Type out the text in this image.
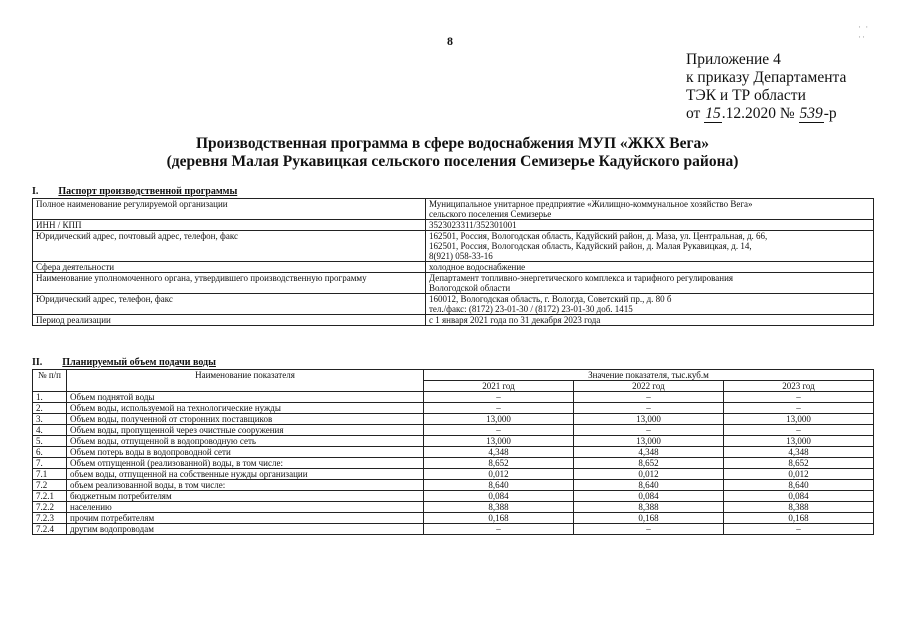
· ·
··
8
Приложение 4
к приказу Департамента
ТЭК и ТР области
от 15.12.2020 № 539-р
Производственная программа в сфере водоснабжения МУП «ЖКХ Вега»
(деревня Малая Рукавицкая сельского поселения Семизерье Кадуйского района)
I. Паспорт производственной программы
Полное наименование регулируемой организации	Муниципальное унитарное предприятие «Жилищно-коммунальное хозяйство Вега»
сельского поселения Семизерье

ИНН / КПП	3523023311/352301001

Юридический адрес, почтовый адрес, телефон, факс	162501, Россия, Вологодская область, Кадуйский район, д. Маза, ул. Центральная, д. 66,
162501, Россия, Вологодская область, Кадуйский район, д. Малая Рукавицкая, д. 14,
8(921) 058-33-16

Сфера деятельности	холодное водоснабжение

Наименование уполномоченного органа, утвердившего производственную программу	Департамент топливно-энергетического комплекса и тарифного регулирования
Вологодской области

Юридический адрес, телефон, факс	160012, Вологодская область, г. Вологда, Советский пр., д. 80 б
тел./факс: (8172) 23-01-30 / (8172) 23-01-30 доб. 1415

Период реализации	с 1 января 2021 года по 31 декабря 2023 года
II. Планируемый объем подачи воды
№ п/п	Наименование показателя	Значение показателя, тыс.куб.м		
		2021 год	2022 год	2023 год
1.	Объем поднятой воды	–	–	–
2.	Объем воды, используемой на технологические нужды	–	–	–
3.	Объем воды, полученной от сторонних поставщиков	13,000	13,000	13,000
4.	Объем воды, пропущенной через очистные сооружения	–	–	–
5.	Объем воды, отпущенной в водопроводную сеть	13,000	13,000	13,000
6.	Объем потерь воды в водопроводной сети	4,348	4,348	4,348
7.	Объем отпущенной (реализованной) воды, в том числе:	8,652	8,652	8,652
7.1	объем воды, отпущенной на собственные нужды организации	0,012	0,012	0,012
7.2	объем реализованной воды, в том числе:	8,640	8,640	8,640
7.2.1	бюджетным потребителям	0,084	0,084	0,084
7.2.2	населению	8,388	8,388	8,388
7.2.3	прочим потребителям	0,168	0,168	0,168
7.2.4	другим водопроводам	–	–	–
